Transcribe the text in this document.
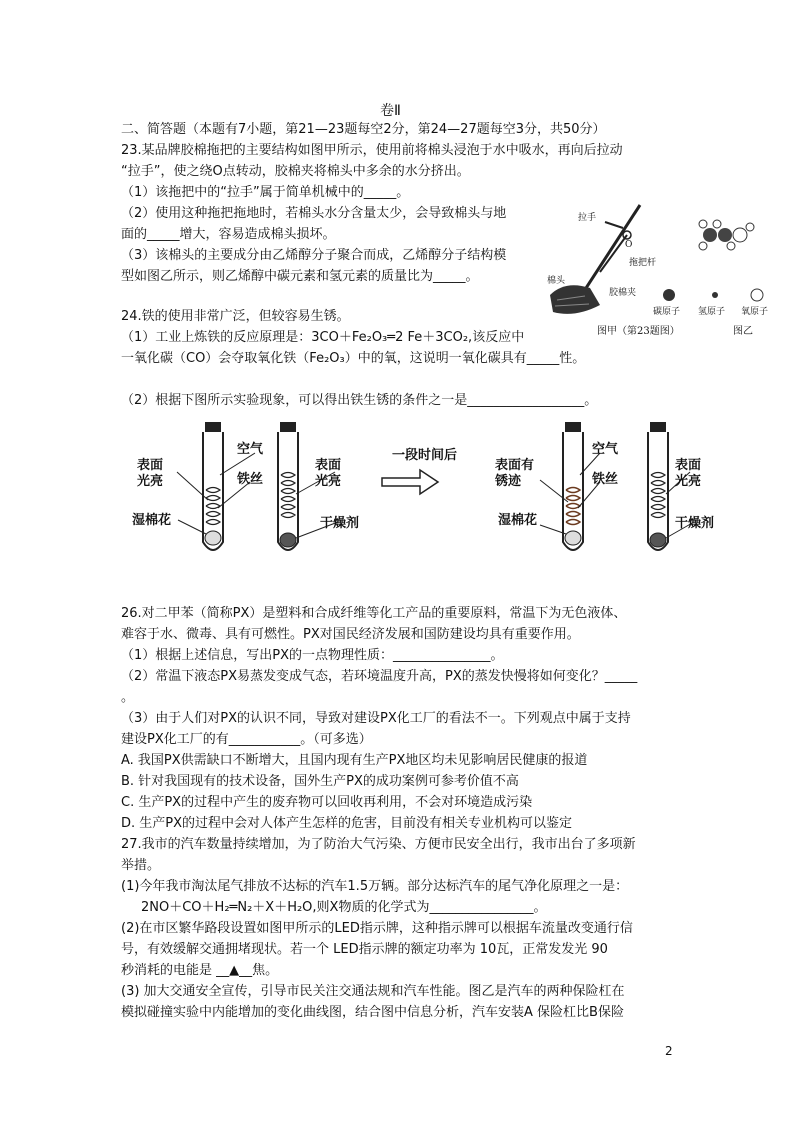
卷Ⅱ
二、简答题（本题有7小题，第21—23题每空2分，第24—27题每空3分，共50分）
23.某品牌胶棉拖把的主要结构如图甲所示，使用前将棉头浸泡于水中吸水，再向后拉动
“拉手”，使之绕O点转动，胶棉夹将棉头中多余的水分挤出。
（1）该拖把中的“拉手”属于简单机械中的_____。
（2）使用这种拖把拖地时，若棉头水分含量太少，会导致棉头与地
面的_____增大，容易造成棉头损坏。
（3）该棉头的主要成分由乙烯醇分子聚合而成，乙烯醇分子结构模
型如图乙所示，则乙烯醇中碳元素和氢元素的质量比为_____。
拉手
O
拖把杆
棉头
胶棉夹
碳原子 氢原子 氧原子
图甲（第23题图）	图乙
24.铁的使用非常广泛，但较容易生锈。
（1）工业上炼铁的反应原理是：3CO＋Fe₂O₃═2 Fe＋3CO₂,该反应中
一氧化碳（CO）会夺取氧化铁（Fe₂O₃）中的氧，这说明一氧化碳具有_____性。
（2）根据下图所示实验现象，可以得出铁生锈的条件之一是__________________。
表面
光亮
空气
铁丝
表面
光亮
湿棉花	干燥剂
一段时间后
表面有
锈迹
空气
铁丝
表面
光亮
湿棉花	干燥剂
26.对二甲苯（简称PX）是塑料和合成纤维等化工产品的重要原料，常温下为无色液体、
难容于水、微毒、具有可燃性。PX对国民经济发展和国防建设均具有重要作用。
（1）根据上述信息，写出PX的一点物理性质：_______________。
（2）常温下液态PX易蒸发变成气态，若环境温度升高，PX的蒸发快慢将如何变化？_____
。
（3）由于人们对PX的认识不同，导致对建设PX化工厂的看法不一。下列观点中属于支持
建设PX化工厂的有___________。（可多选）
A. 我国PX供需缺口不断增大，且国内现有生产PX地区均未见影响居民健康的报道
B. 针对我国现有的技术设备，国外生产PX的成功案例可参考价值不高
C. 生产PX的过程中产生的废弃物可以回收再利用，不会对环境造成污染
D. 生产PX的过程中会对人体产生怎样的危害，目前没有相关专业机构可以鉴定
27.我市的汽车数量持续增加，为了防治大气污染、方便市民安全出行，我市出台了多项新
举措。
(1)今年我市淘汰尾气排放不达标的汽车1.5万辆。部分达标汽车的尾气净化原理之一是：
2NO＋CO＋H₂═N₂＋X＋H₂O,则X物质的化学式为________________。
(2)在市区繁华路段设置如图甲所示的LED指示牌，这种指示牌可以根据车流量改变通行信
号，有效缓解交通拥堵现状。若一个 LED指示牌的额定功率为 10瓦，正常发发光 90
秒消耗的电能是 __▲__焦。
(3) 加大交通安全宣传，引导市民关注交通法规和汽车性能。图乙是汽车的两种保险杠在
模拟碰撞实验中内能增加的变化曲线图，结合图中信息分析，汽车安装A 保险杠比B保险
2
